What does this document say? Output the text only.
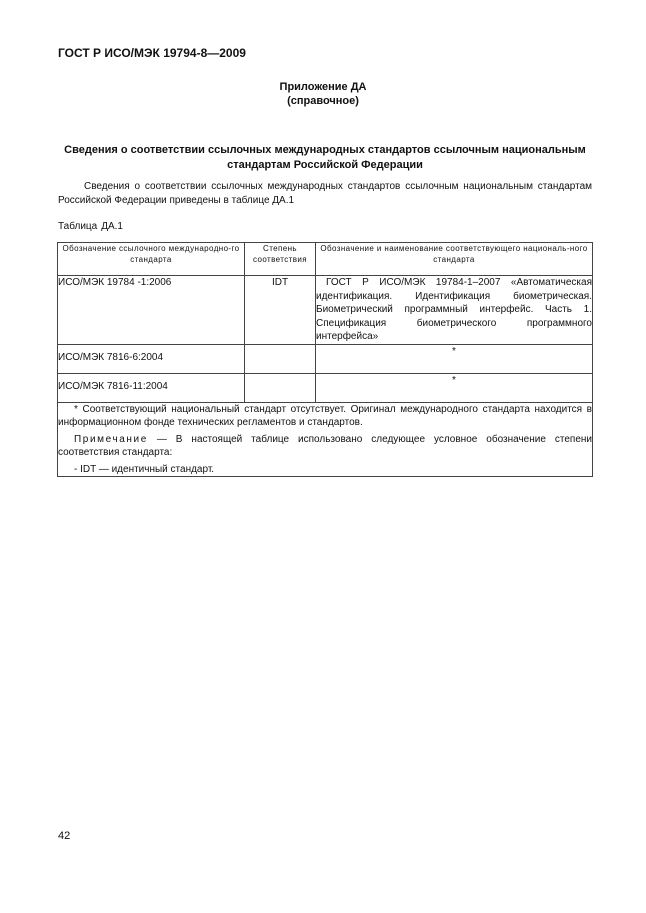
ГОСТ Р ИСО/МЭК 19794-8—2009
Приложение ДА
(справочное)
Сведения о соответствии ссылочных международных стандартов ссылочным национальным
стандартам Российской Федерации
Сведения о соответствии ссылочных международных стандартов ссылочным национальным стандартам Российской Федерации приведены в таблице ДА.1
Таблица ДА.1
Обозначение ссылочного международно-го стандарта	Степень соответствия	Обозначение и наименование соответствующего националь-ного стандарта
ИСО/МЭК 19784 -1:2006	IDT	ГОСТ Р ИСО/МЭК 19784-1–2007 «Автоматическая идентификация. Идентификация биометрическая. Биометрический программный интерфейс. Часть 1. Спецификация биометрического программного интерфейса»
ИСО/МЭК 7816-6:2004		*
ИСО/МЭК 7816-11:2004		*

* Соответствующий национальный стандарт отсутствует. Оригинал международного стандарта находится в информационном фонде технических регламентов и стандартов.

Примечание — В настоящей таблице использовано следующее условное обозначение степени соответствия стандарта:

- IDT — идентичный стандарт.		

42
